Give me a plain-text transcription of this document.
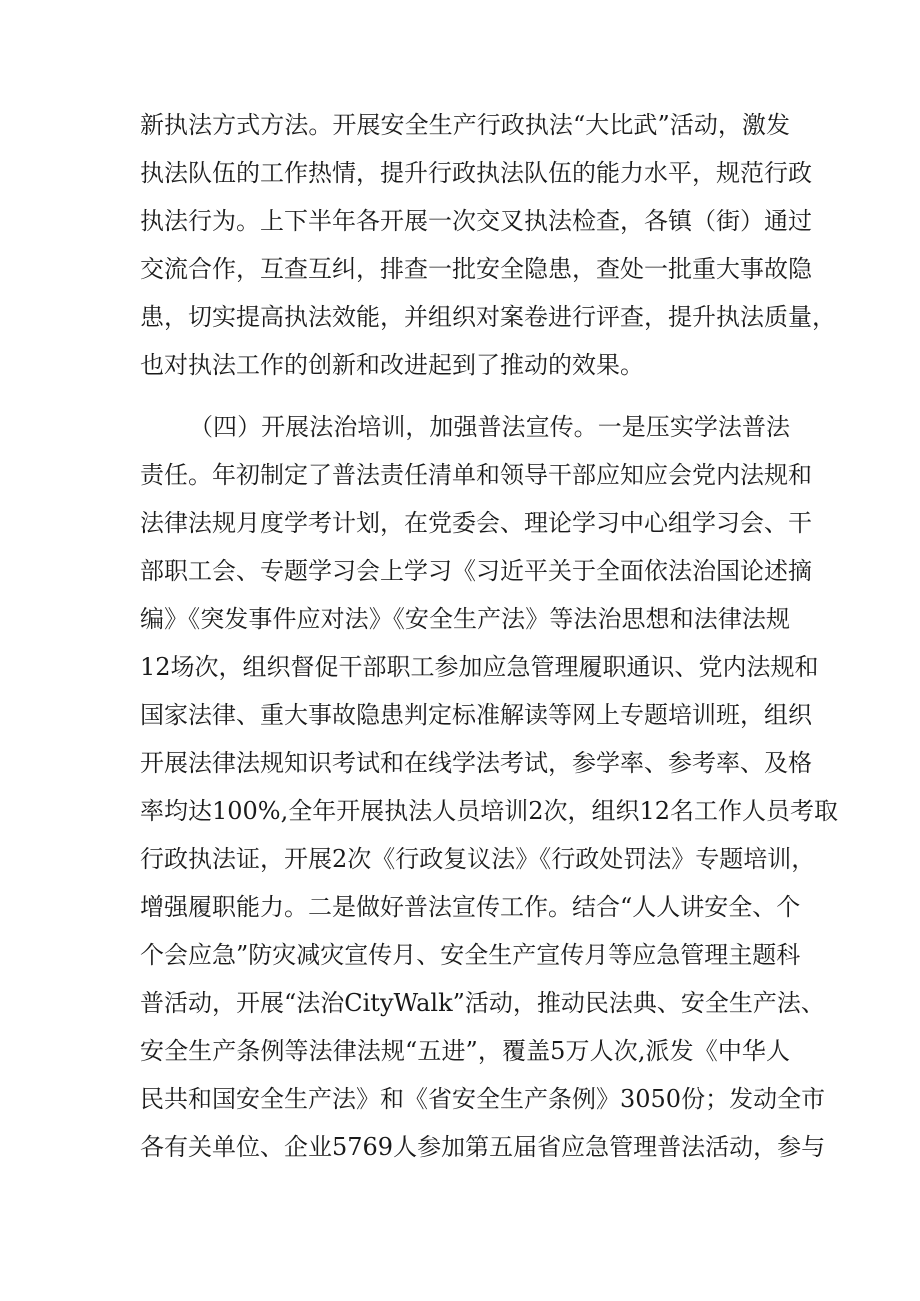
新执法方式方法。开展安全生产行政执法“大比武”活动，激发
执法队伍的工作热情，提升行政执法队伍的能力水平，规范行政
执法行为。上下半年各开展一次交叉执法检查，各镇（街）通过
交流合作，互查互纠，排查一批安全隐患，查处一批重大事故隐
患，切实提高执法效能，并组织对案卷进行评查，提升执法质量，
也对执法工作的创新和改进起到了推动的效果。
（四）开展法治培训，加强普法宣传。一是压实学法普法
责任。年初制定了普法责任清单和领导干部应知应会党内法规和
法律法规月度学考计划，在党委会、理论学习中心组学习会、干
部职工会、专题学习会上学习《习近平关于全面依法治国论述摘
编》《突发事件应对法》《安全生产法》等法治思想和法律法规
12场次，组织督促干部职工参加应急管理履职通识、党内法规和
国家法律、重大事故隐患判定标准解读等网上专题培训班，组织
开展法律法规知识考试和在线学法考试，参学率、参考率、及格
率均达100%,全年开展执法人员培训2次，组织12名工作人员考取
行政执法证，开展2次《行政复议法》《行政处罚法》专题培训，
增强履职能力。二是做好普法宣传工作。结合“人人讲安全、个
个会应急”防灾减灾宣传月、安全生产宣传月等应急管理主题科
普活动，开展“法治CityWalk”活动，推动民法典、安全生产法、
安全生产条例等法律法规“五进”，覆盖5万人次,派发《中华人
民共和国安全生产法》和《省安全生产条例》3050份；发动全市
各有关单位、企业5769人参加第五届省应急管理普法活动，参与
